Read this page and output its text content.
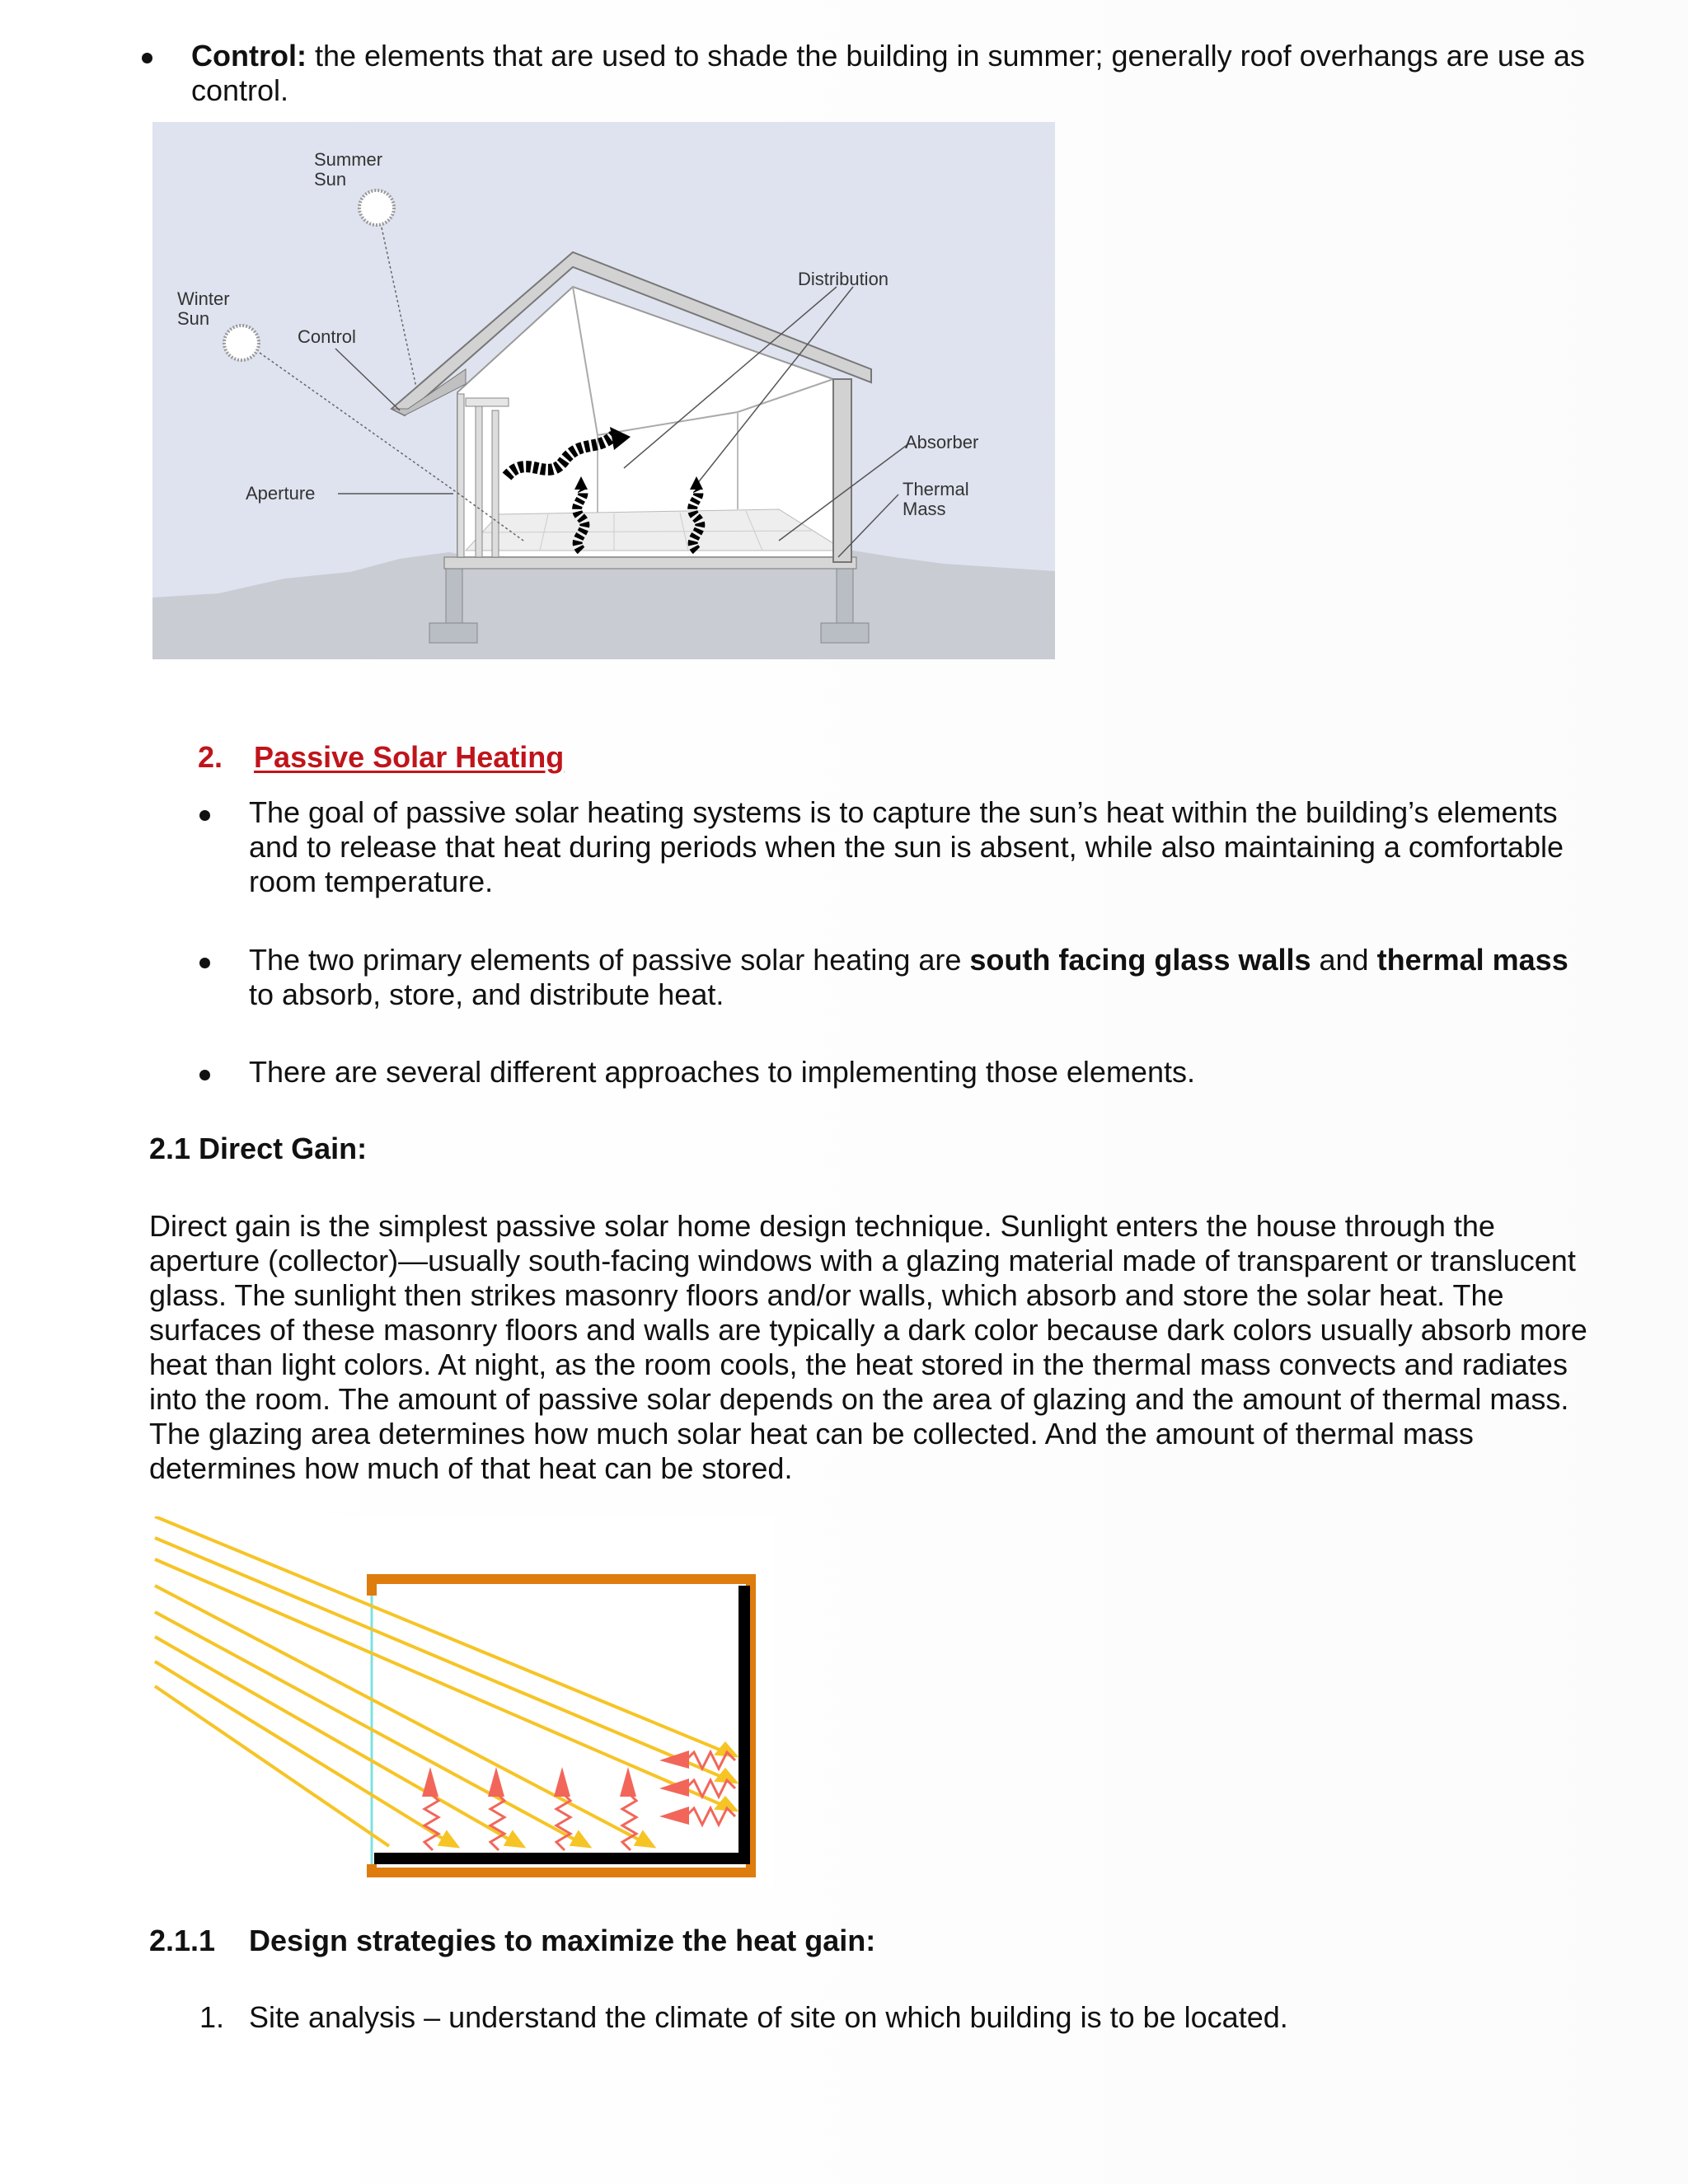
Control: the elements that are used to shade the building in summer; generally roof overhangs are use as control.
Summer
Sun
Winter
Sun
Control
Distribution
Absorber
Thermal
Mass
Aperture
2. Passive Solar Heating
The goal of passive solar heating systems is to capture the sun’s heat within the building’s elements and to release that heat during periods when the sun is absent, while also maintaining a comfortable room temperature.
The two primary elements of passive solar heating are south facing glass walls and thermal mass to absorb, store, and distribute heat.
There are several different approaches to implementing those elements.
2.1 Direct Gain:
Direct gain is the simplest passive solar home design technique. Sunlight enters the house through the aperture (collector)—usually south-facing windows with a glazing material made of transparent or translucent glass. The sunlight then strikes masonry floors and/or walls, which absorb and store the solar heat. The surfaces of these masonry floors and walls are typically a dark color because dark colors usually absorb more heat than light colors. At night, as the room cools, the heat stored in the thermal mass convects and radiates into the room. The amount of passive solar depends on the area of glazing and the amount of thermal mass. The glazing area determines how much solar heat can be collected. And the amount of thermal mass determines how much of that heat can be stored.
2.1.1 Design strategies to maximize the heat gain:
1. Site analysis – understand the climate of site on which building is to be located.
